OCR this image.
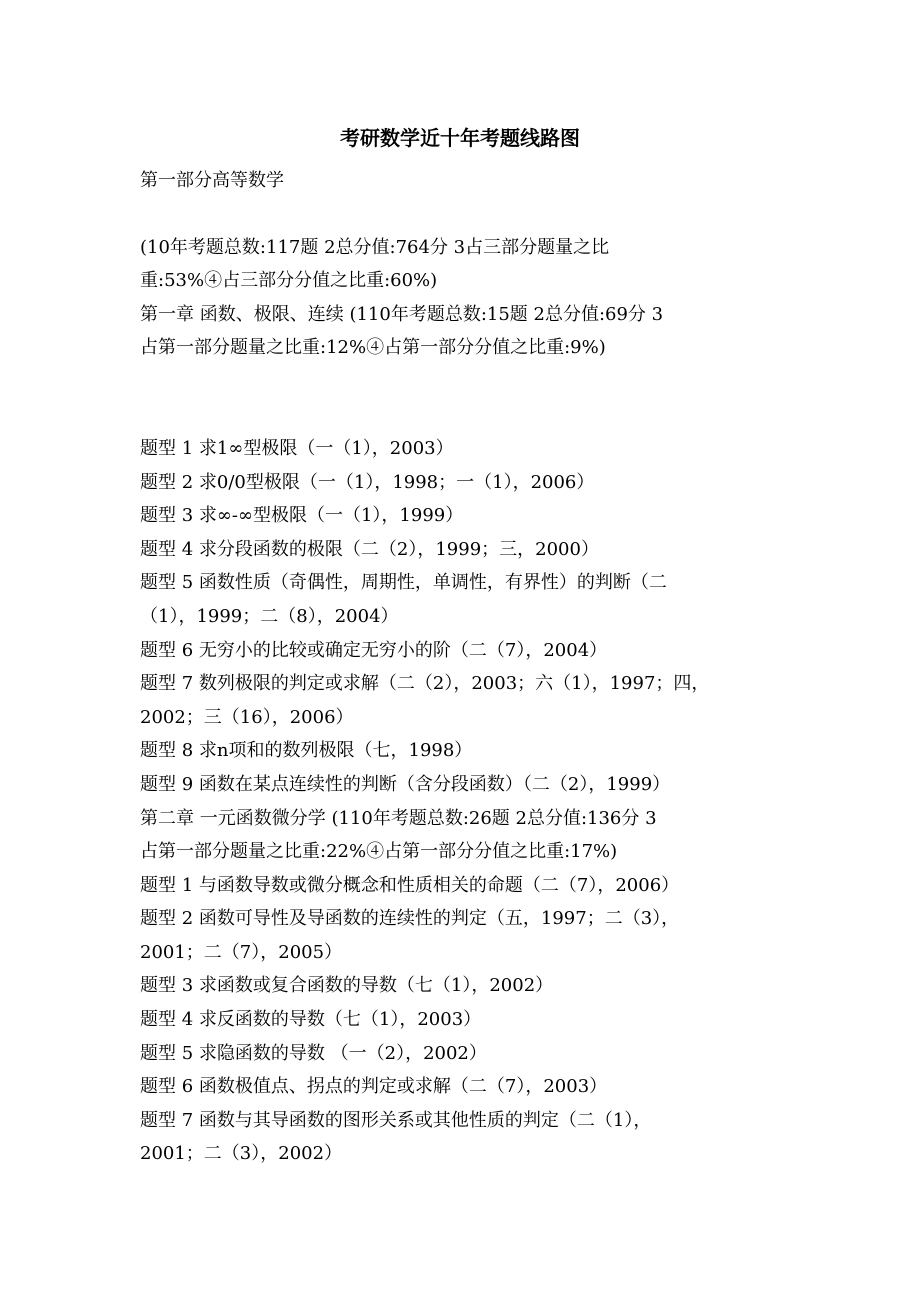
考研数学近十年考题线路图
第一部分高等数学
(10年考题总数:117题 2总分值:764分 3占三部分题量之比
重:53%④占三部分分值之比重:60%)
第一章 函数、极限、连续 (110年考题总数:15题 2总分值:69分 3
占第一部分题量之比重:12%④占第一部分分值之比重:9%)
题型 1 求1∞型极限（一（1），2003）
题型 2 求0/0型极限（一（1），1998；一（1），2006）
题型 3 求∞-∞型极限（一（1），1999）
题型 4 求分段函数的极限（二（2），1999；三，2000）
题型 5 函数性质（奇偶性，周期性，单调性，有界性）的判断（二
（1），1999；二（8），2004）
题型 6 无穷小的比较或确定无穷小的阶（二（7），2004）
题型 7 数列极限的判定或求解（二（2），2003；六（1），1997；四，
2002；三（16），2006）
题型 8 求n项和的数列极限（七，1998）
题型 9 函数在某点连续性的判断（含分段函数）（二（2），1999）
第二章 一元函数微分学 (110年考题总数:26题 2总分值:136分 3
占第一部分题量之比重:22%④占第一部分分值之比重:17%)
题型 1 与函数导数或微分概念和性质相关的命题（二（7），2006）
题型 2 函数可导性及导函数的连续性的判定（五，1997；二（3），
2001；二（7），2005）
题型 3 求函数或复合函数的导数（七（1），2002）
题型 4 求反函数的导数（七（1），2003）
题型 5 求隐函数的导数 （一（2），2002）
题型 6 函数极值点、拐点的判定或求解（二（7），2003）
题型 7 函数与其导函数的图形关系或其他性质的判定（二（1），
2001；二（3），2002）
